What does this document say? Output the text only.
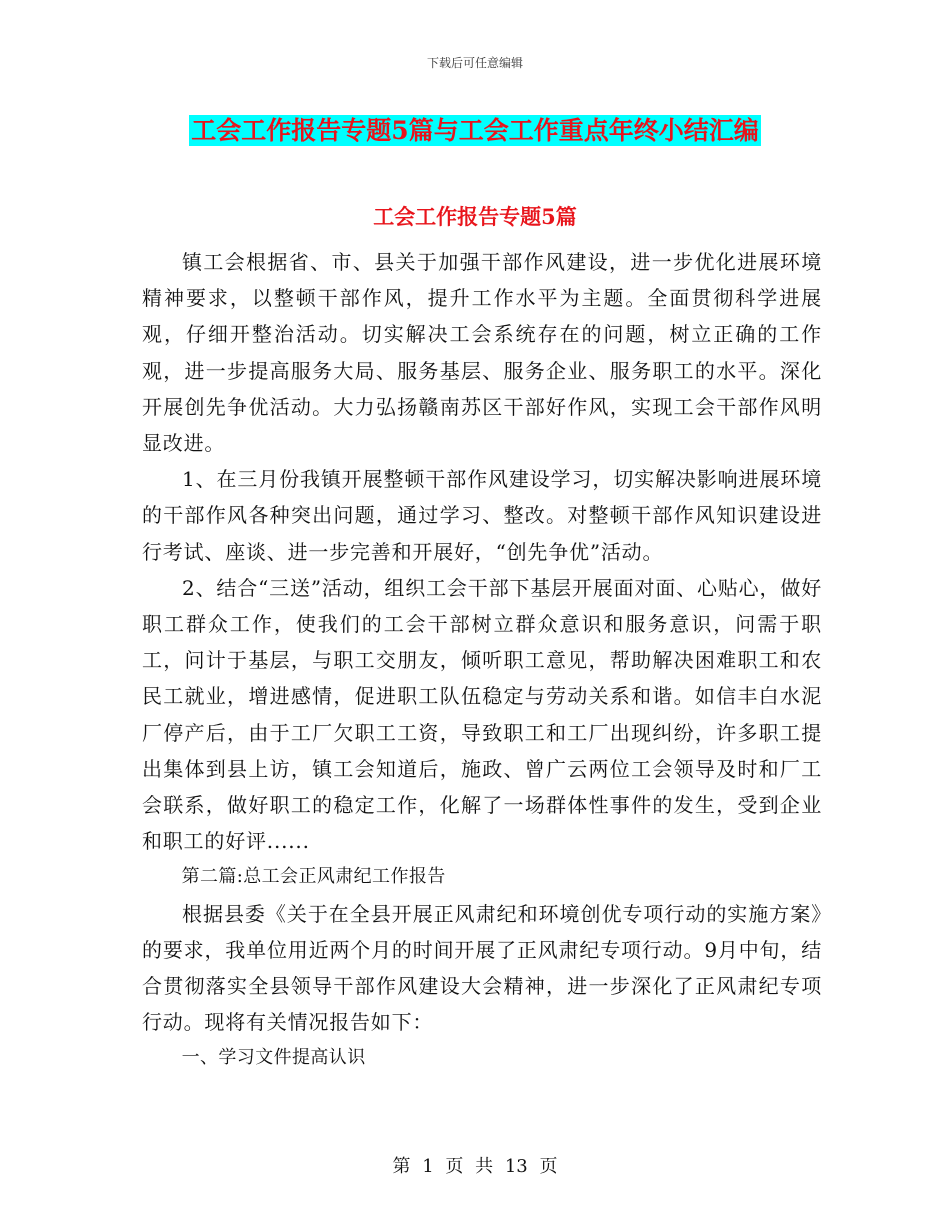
下载后可任意编辑
工会工作报告专题5篇与工会工作重点年终小结汇编
工会工作报告专题5篇

镇工会根据省、市、县关于加强干部作风建设，进一步优化进展环境精神要求，以整顿干部作风，提升工作水平为主题。全面贯彻科学进展观，仔细开整治活动。切实解决工会系统存在的问题，树立正确的工作观，进一步提高服务大局、服务基层、服务企业、服务职工的水平。深化开展创先争优活动。大力弘扬赣南苏区干部好作风，实现工会干部作风明显改进。

1、在三月份我镇开展整顿干部作风建设学习，切实解决影响进展环境的干部作风各种突出问题，通过学习、整改。对整顿干部作风知识建设进行考试、座谈、进一步完善和开展好，“创先争优”活动。

2、结合“三送”活动，组织工会干部下基层开展面对面、心贴心，做好职工群众工作，使我们的工会干部树立群众意识和服务意识，问需于职工，问计于基层，与职工交朋友，倾听职工意见，帮助解决困难职工和农民工就业，增进感情，促进职工队伍稳定与劳动关系和谐。如信丰白水泥厂停产后，由于工厂欠职工工资，导致职工和工厂出现纠纷，许多职工提出集体到县上访，镇工会知道后，施政、曾广云两位工会领导及时和厂工会联系，做好职工的稳定工作，化解了一场群体性事件的发生，受到企业和职工的好评......

第二篇:总工会正风肃纪工作报告

根据县委《关于在全县开展正风肃纪和环境创优专项行动的实施方案》的要求，我单位用近两个月的时间开展了正风肃纪专项行动。9月中旬，结合贯彻落实全县领导干部作风建设大会精神，进一步深化了正风肃纪专项行动。现将有关情况报告如下：

一、学习文件提高认识

第 1 页 共 13 页
